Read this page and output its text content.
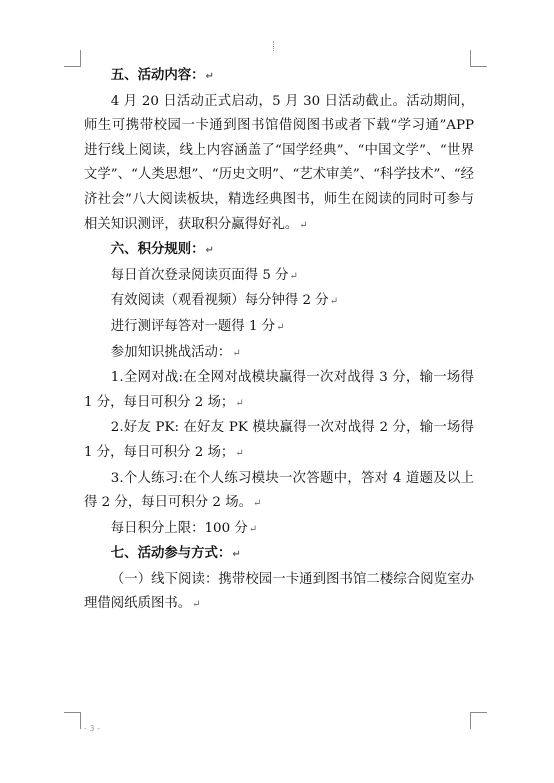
五、活动内容：↵
4 月 20 日活动正式启动，5 月 30 日活动截止。活动期间，师生可携带校园一卡通到图书馆借阅图书或者下载“学习通”APP 进行线上阅读，线上内容涵盖了“国学经典”、“中国文学”、“世界文学”、“人类思想”、“历史文明”、“艺术审美”、“科学技术”、“经济社会”八大阅读板块，精选经典图书，师生在阅读的同时可参与相关知识测评，获取积分赢得好礼。↵
六、积分规则：↵
每日首次登录阅读页面得 5 分↵
有效阅读（观看视频）每分钟得 2 分↵
进行测评每答对一题得 1 分↵
参加知识挑战活动：↵
1.全网对战:在全网对战模块赢得一次对战得 3 分，输一场得 1 分，每日可积分 2 场；↵
2.好友 PK: 在好友 PK 模块赢得一次对战得 2 分，输一场得 1 分，每日可积分 2 场；↵
3.个人练习:在个人练习模块一次答题中，答对 4 道题及以上得 2 分，每日可积分 2 场。↵
每日积分上限：100 分↵
七、活动参与方式：↵
（一）线下阅读：携带校园一卡通到图书馆二楼综合阅览室办理借阅纸质图书。↵
- 3 -
